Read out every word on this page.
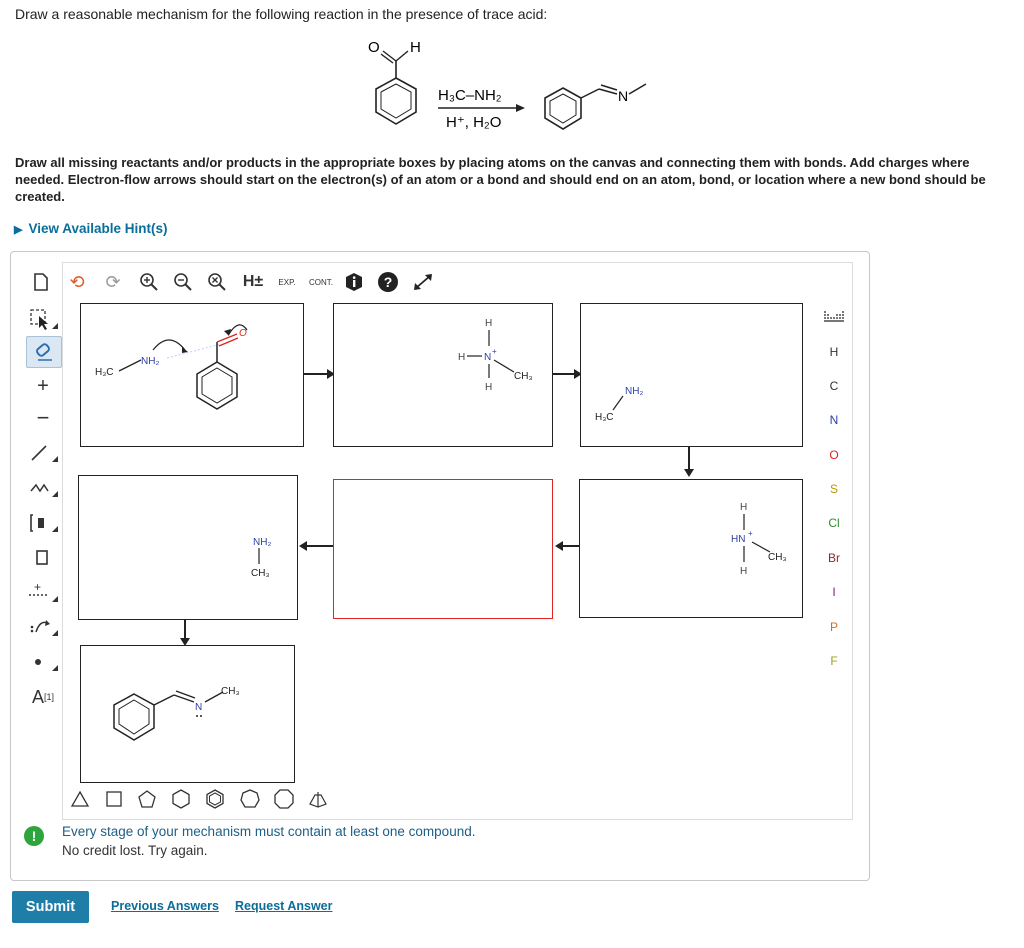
Draw a reasonable mechanism for the following reaction in the presence of trace acid:
O H
H₃C–NH₂
H⁺, H₂O
N
Draw all missing reactants and/or products in the appropriate boxes by placing atoms on the canvas and connecting them with bonds. Add charges where needed. Electron-flow arrows should start on the electron(s) of an atom or a bond and should end on an atom, bond, or location where a new bond should be created.
▶ View Available Hint(s)
⟲ ⟳	H±	EXP.	CONT.	?
+
−
+
A [1]
H
C
N
O
S
Cl
Br
I
P
F
H₃C
NH₂
O
H
H N
+
CH₃
H	NH₂
H₃C
NH₂
CH₃
H
HN
+
CH₃
H
N
CH₃
!	Every stage of your mechanism must contain at least one compound.
No credit lost. Try again.
Submit	Previous Answers Request Answer
